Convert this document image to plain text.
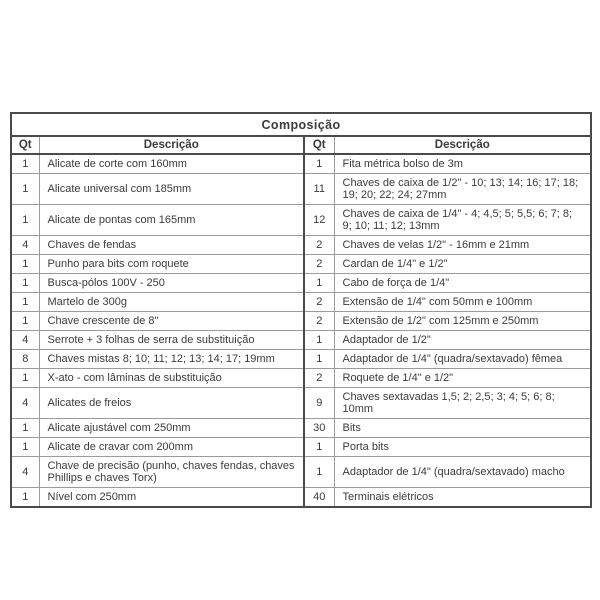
Composição			
Qt	Descrição	Qt	Descrição
1	Alicate de corte com 160mm	1	Fita métrica bolso de 3m
1	Alicate universal com 185mm	11	Chaves de caixa de 1/2" - 10; 13; 14; 16; 17; 18; 19; 20; 22; 24; 27mm
1	Alicate de pontas com 165mm	12	Chaves de caixa de 1/4" - 4; 4,5; 5; 5,5; 6; 7; 8; 9; 10; 11; 12; 13mm
4	Chaves de fendas	2	Chaves de velas 1/2" - 16mm e 21mm
1	Punho para bits com roquete	2	Cardan de 1/4" e 1/2"
1	Busca-pólos 100V - 250	1	Cabo de força de 1/4"
1	Martelo de 300g	2	Extensão de 1/4" com 50mm e 100mm
1	Chave crescente de 8"	2	Extensão de 1/2" com 125mm e 250mm
4	Serrote + 3 folhas de serra de substituição	1	Adaptador de 1/2"
8	Chaves mistas 8; 10; 11; 12; 13; 14; 17; 19mm	1	Adaptador de 1/4" (quadra/sextavado) fêmea
1	X-ato - com lâminas de substituição	2	Roquete de 1/4" e 1/2"
4	Alicates de freios	9	Chaves sextavadas 1,5; 2; 2,5; 3; 4; 5; 6; 8; 10mm
1	Alicate ajustável com 250mm	30	Bits
1	Alicate de cravar com 200mm	1	Porta bits
4	Chave de precisão (punho, chaves fendas, chaves Phillips e chaves Torx)	1	Adaptador de 1/4" (quadra/sextavado) macho
1	Nível com 250mm	40	Terminais elétricos
